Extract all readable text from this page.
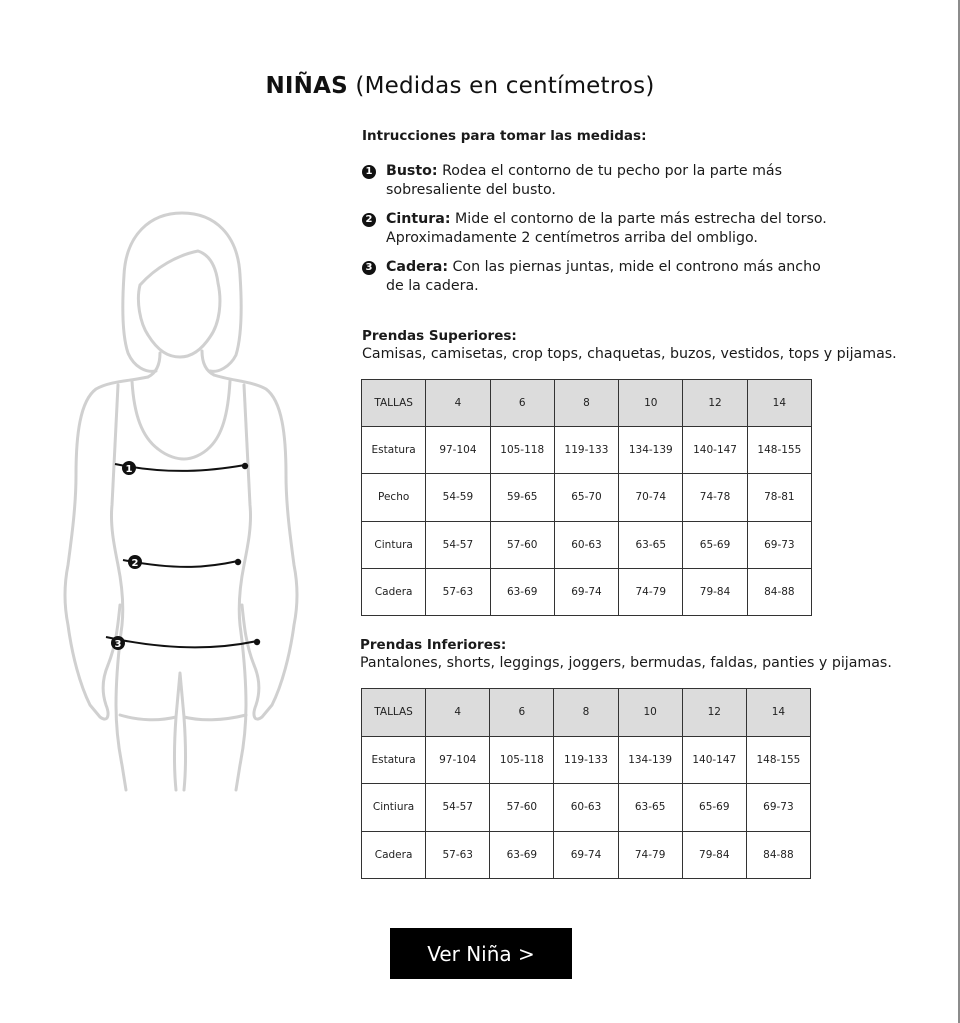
NIÑAS (Medidas en centímetros)
1
2
3
Intrucciones para tomar las medidas:
1 Busto: Rodea el contorno de tu pecho por la parte más
sobresaliente del busto.
2 Cintura: Mide el contorno de la parte más estrecha del torso.
Aproximadamente 2 centímetros arriba del ombligo.
3 Cadera: Con las piernas juntas, mide el controno más ancho
de la cadera.
Prendas Superiores:
Camisas, camisetas, crop tops, chaquetas, buzos, vestidos, tops y pijamas.
TALLAS	4	6	8	10	12	14
Estatura	97-104	105-118	119-133	134-139	140-147	148-155
Pecho	54-59	59-65	65-70	70-74	74-78	78-81
Cintura	54-57	57-60	60-63	63-65	65-69	69-73
Cadera	57-63	63-69	69-74	74-79	79-84	84-88
Prendas Inferiores:
Pantalones, shorts, leggings, joggers, bermudas, faldas, panties y pijamas.
TALLAS	4	6	8	10	12	14
Estatura	97-104	105-118	119-133	134-139	140-147	148-155
Cintiura	54-57	57-60	60-63	63-65	65-69	69-73
Cadera	57-63	63-69	69-74	74-79	79-84	84-88
Ver Niña >
